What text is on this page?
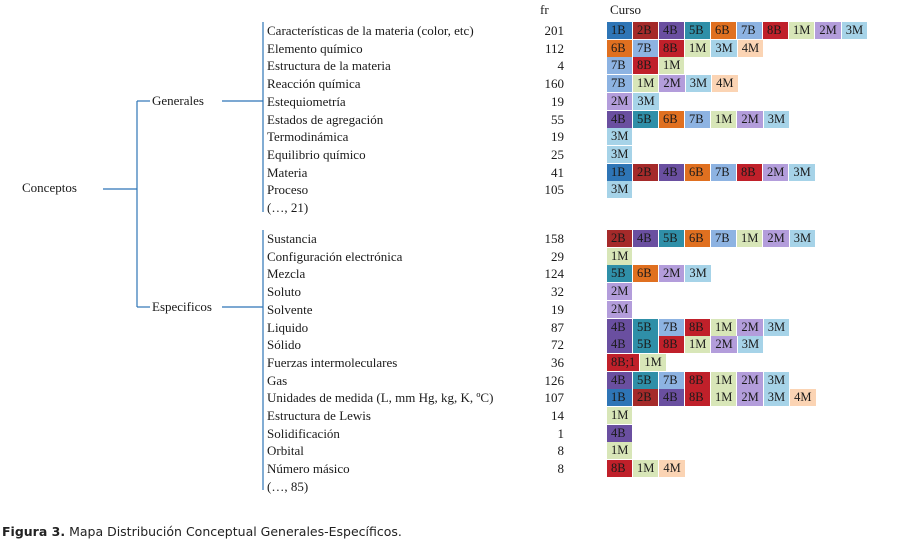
fr	Curso
Conceptos
Generales
Especificos
Características de la materia (color, etc)	201	1B 2B 4B 5B 6B 7B 8B 1M 2M 3M
Elemento químico	112	6B 7B 8B 1M 3M 4M
Estructura de la materia	4	7B 8B 1M
Reacción química	160	7B 1M 2M 3M 4M
Estequiometría	19	2M 3M
Estados de agregación	55	4B 5B 6B 7B 1M 2M 3M
Termodinámica	19	3M
Equilibrio químico	25	3M
Materia	41	1B 2B 4B 6B 7B 8B 2M 3M
Proceso	105	3M
(…, 21)
Sustancia	158	2B 4B 5B 6B 7B 1M 2M 3M
Configuración electrónica	29	1M
Mezcla	124	5B 6B 2M 3M
Soluto	32	2M
Solvente	19	2M
Liquido	87	4B 5B 7B 8B 1M 2M 3M
Sólido	72	4B 5B 8B 1M 2M 3M
Fuerzas intermoleculares	36	8B;1 1M
Gas	126	4B 5B 7B 8B 1M 2M 3M
Unidades de medida (L, mm Hg, kg, K, ºC)	107	1B 2B 4B 8B 1M 2M 3M 4M
Estructura de Lewis	14	1M
Solidificación	1	4B
Orbital	8	1M
Número másico	8	8B 1M 4M
(…, 85)
Figura 3. Mapa Distribución Conceptual Generales-Específicos.
